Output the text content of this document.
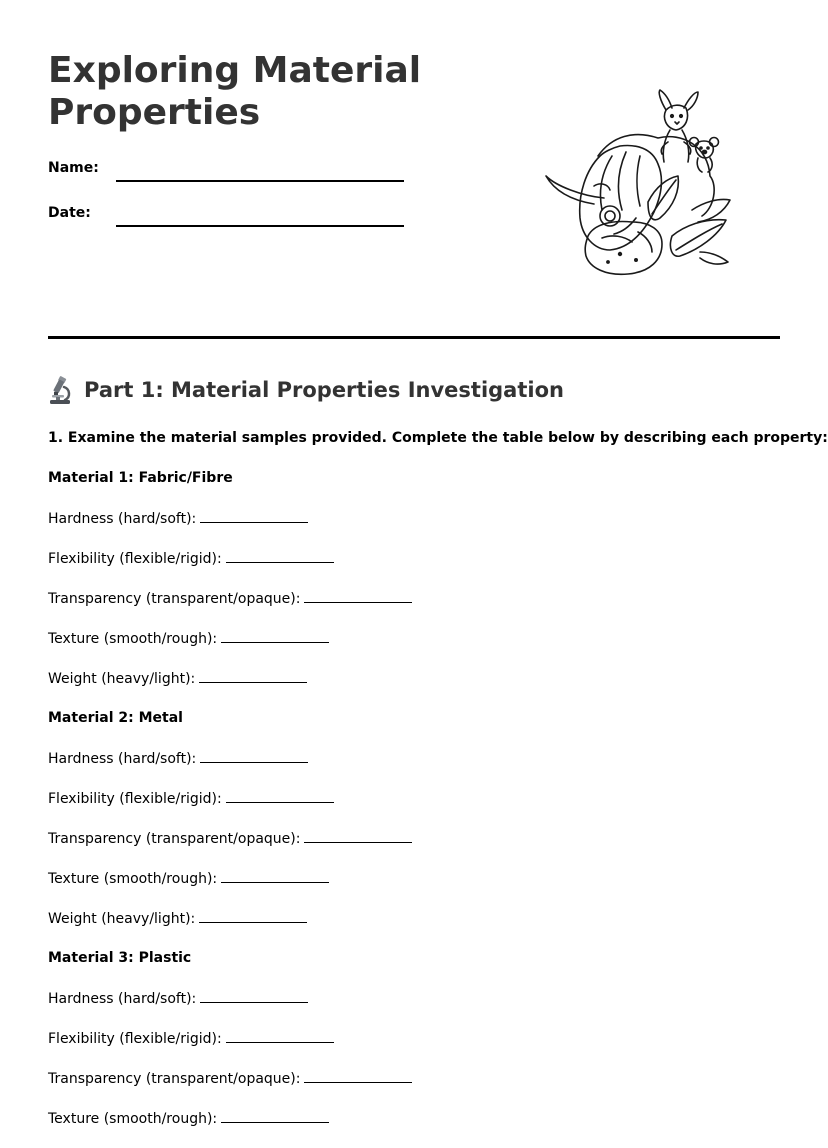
Exploring Material Properties
Name:
Date:
Part 1: Material Properties Investigation
1. Examine the material samples provided. Complete the table below by describing each property:
Material 1: Fabric/Fibre
Hardness (hard/soft):
Flexibility (flexible/rigid):
Transparency (transparent/opaque):
Texture (smooth/rough):
Weight (heavy/light):
Material 2: Metal
Hardness (hard/soft):
Flexibility (flexible/rigid):
Transparency (transparent/opaque):
Texture (smooth/rough):
Weight (heavy/light):
Material 3: Plastic
Hardness (hard/soft):
Flexibility (flexible/rigid):
Transparency (transparent/opaque):
Texture (smooth/rough):
